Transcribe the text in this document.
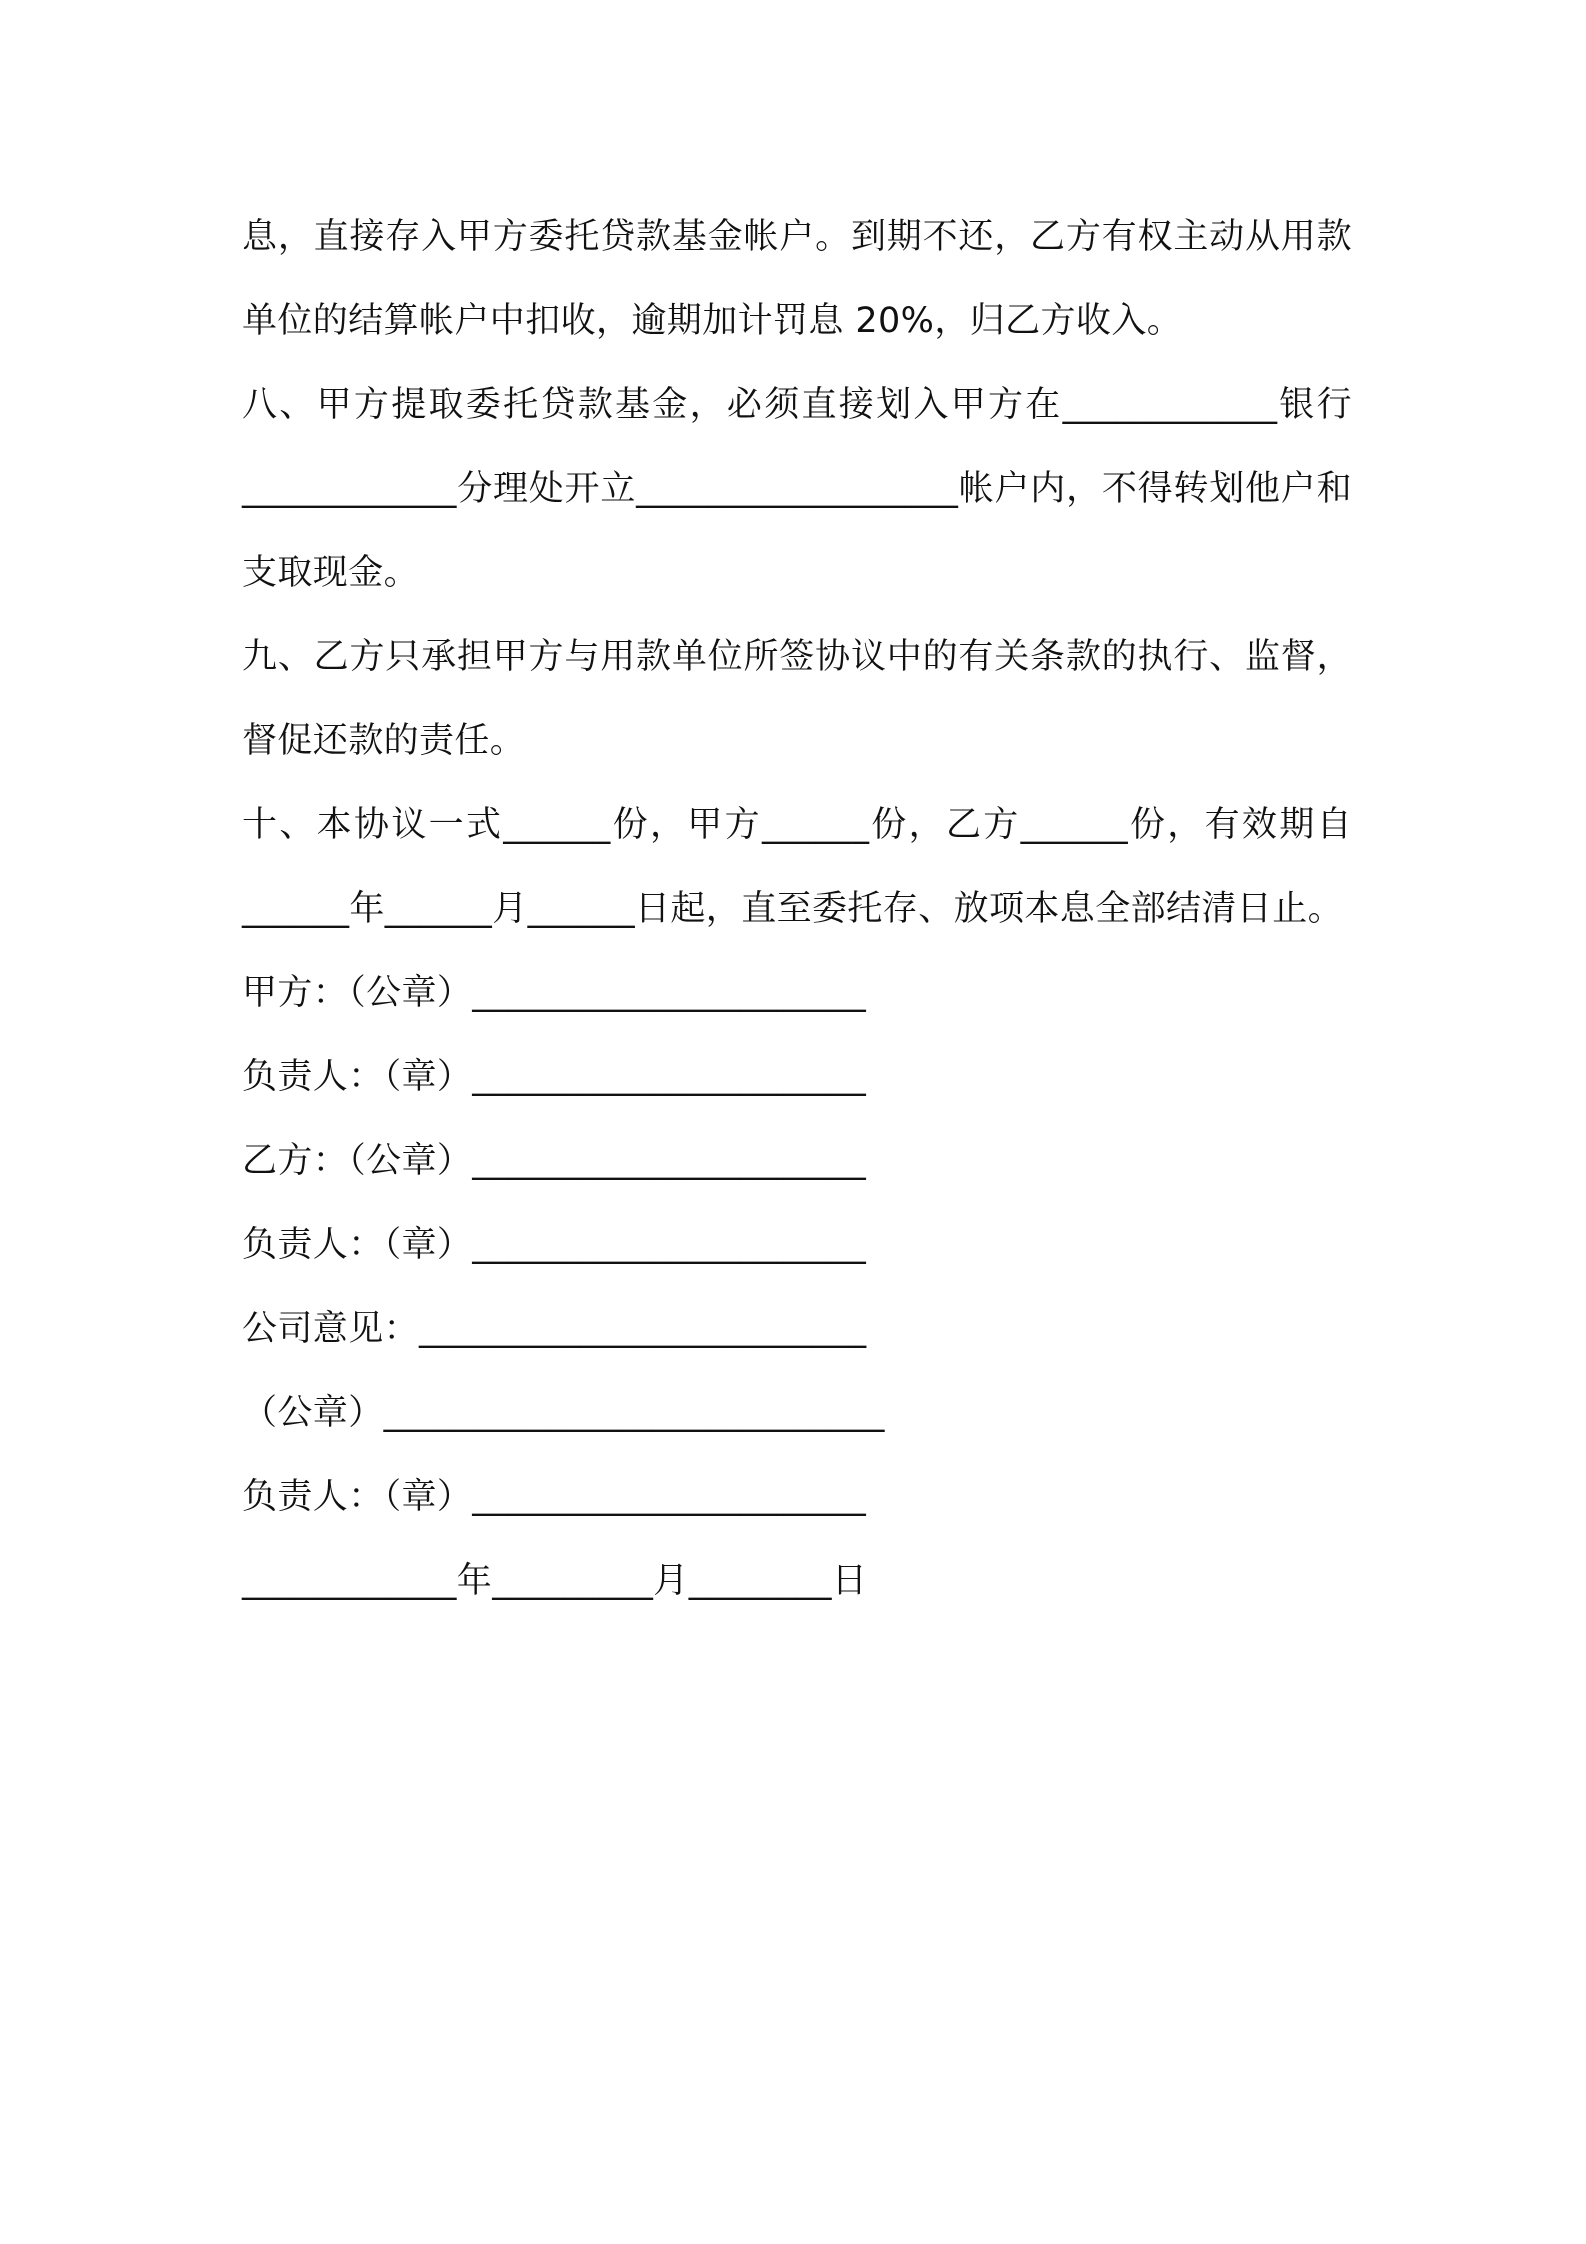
息，直接存入甲方委托贷款基金帐户。到期不还，乙方有权主动从用款单位的结算帐户中扣收，逾期加计罚息 20%，归乙方收入。

八、甲方提取委托贷款基金，必须直接划入甲方在____________银行____________分理处开立__________________帐户内，不得转划他户和支取现金。

九、乙方只承担甲方与用款单位所签协议中的有关条款的执行、监督，督促还款的责任。

十、本协议一式______份，甲方______份，乙方______份，有效期自______年______月______日起，直至委托存、放项本息全部结清日止。

甲方：（公章）______________________

负责人：（章）______________________

乙方：（公章）______________________

负责人：（章）______________________

公司意见：_________________________

（公章）____________________________

负责人：（章）______________________

____________年_________月________日
